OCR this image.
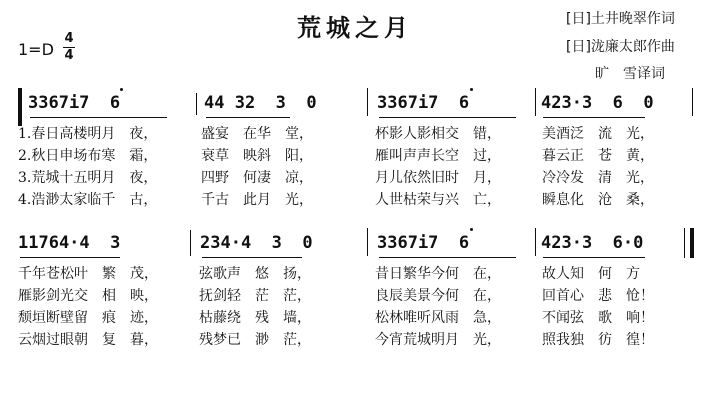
荒城之月
1=D
4
4
[日]土井晚翠作词
[日]泷廉太郎作曲
旷　雪译词
3367i7  6	44 32  3  0	3367i7  6	423·3  6  0
1.春日高楼明月　夜，	盛宴　在华　堂，	杯影人影相交　错，	美酒泛　流　光，
2.秋日申场布寒　霜，	衰草　映斜　阳，	雁叫声声长空　过，	暮云正　苍　黄，
3.荒城十五明月　夜，	四野　何凄　凉，	月儿依然旧时　月，	冷冷发　清　光，
4.浩渺太家临千　古，	千古　此月　光，	人世枯荣与兴　亡，	瞬息化　沧　桑，
11764·4  3	234·4  3  0	3367i7  6	423·3  6·0
千年苍松叶　繁　茂，	弦歌声　悠　扬，	昔日繁华今何　在，	故人知　何　方
雁影剑光交　相　映，	抚剑轻　茫　茫，	良辰美景今何　在，	回首心　悲　怆！
颓垣断壁留　痕　迹，	枯藤绕　残　墙，	松林唯听风雨　急，	不闻弦　歌　响！
云烟过眼朝　复　暮，	残梦已　渺　茫，	今宵荒城明月　光，	照我独　彷　徨！
